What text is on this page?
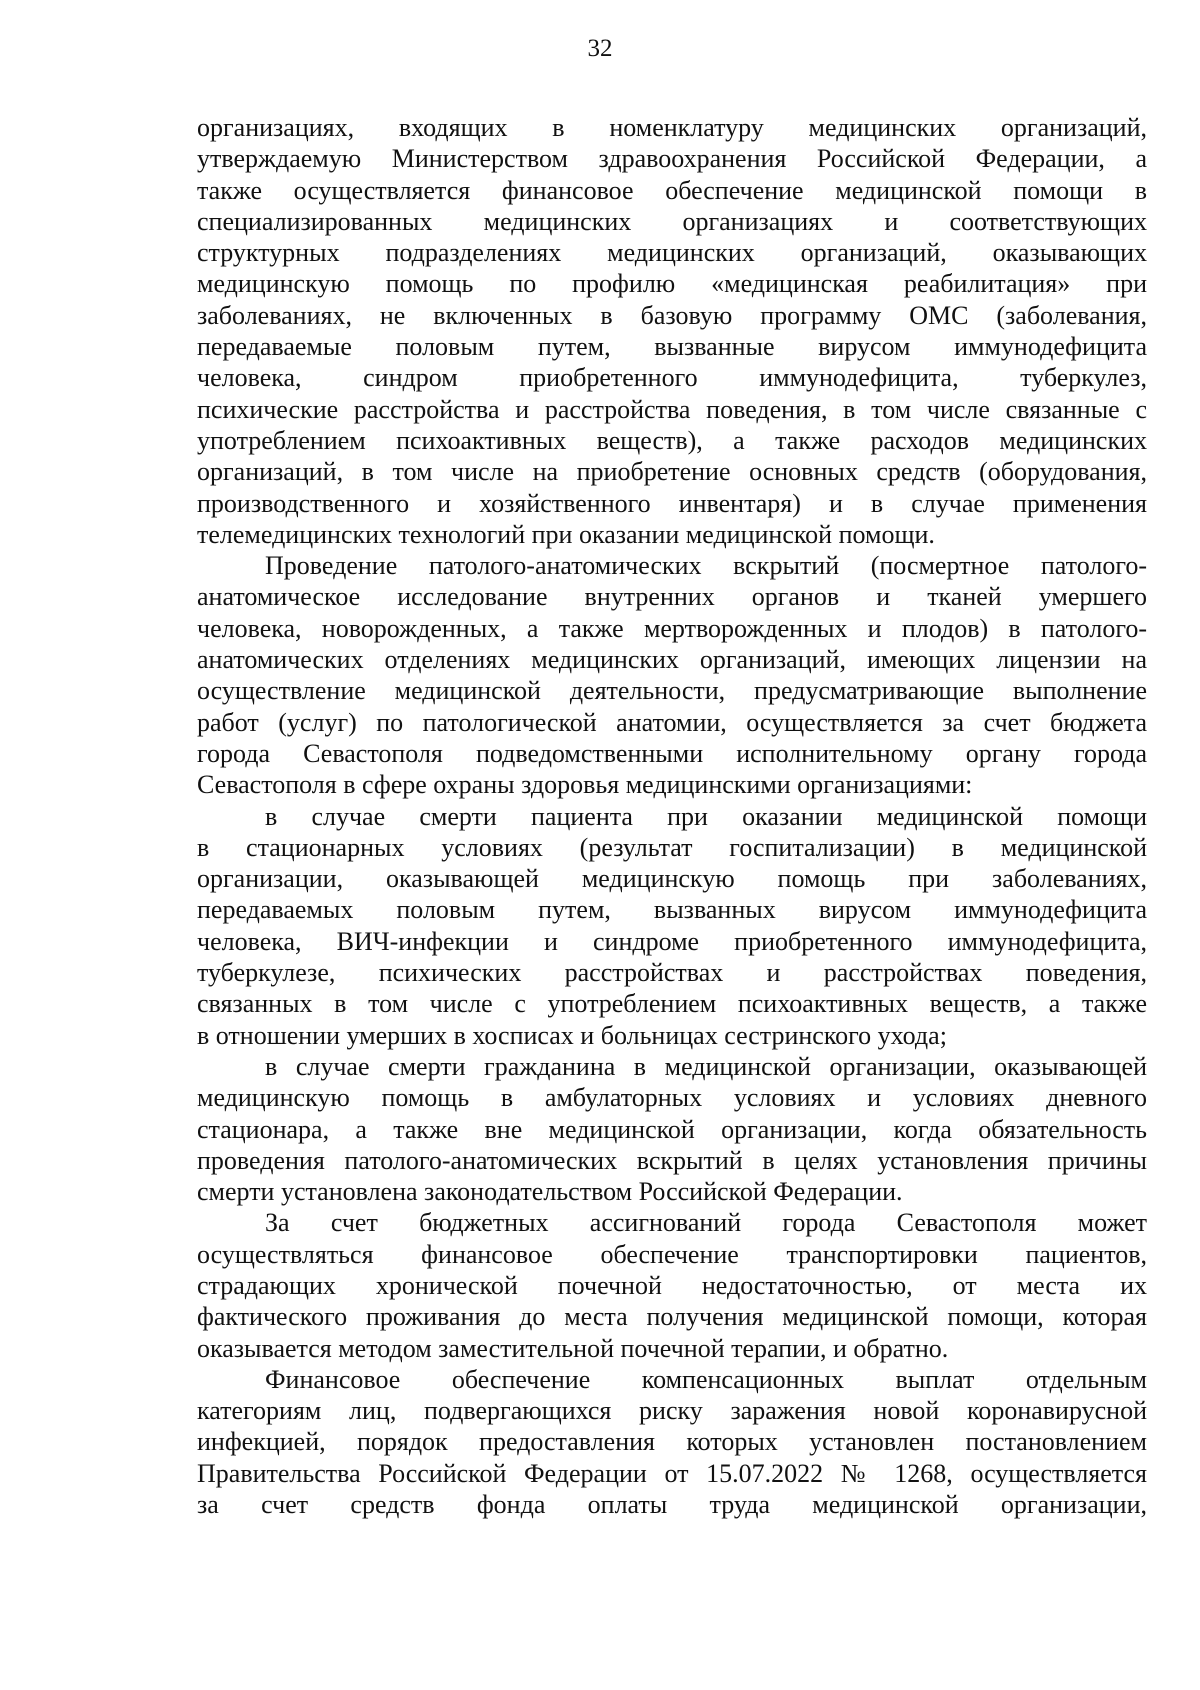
32
организациях, входящих в номенклатуру медицинских организаций,
утверждаемую Министерством здравоохранения Российской Федерации, а
также осуществляется финансовое обеспечение медицинской помощи в
специализированных медицинских организациях и соответствующих
структурных подразделениях медицинских организаций, оказывающих
медицинскую помощь по профилю «медицинская реабилитация» при
заболеваниях, не включенных в базовую программу ОМС (заболевания,
передаваемые половым путем, вызванные вирусом иммунодефицита
человека, синдром приобретенного иммунодефицита, туберкулез,
психические расстройства и расстройства поведения, в том числе связанные с
употреблением психоактивных веществ), а также расходов медицинских
организаций, в том числе на приобретение основных средств (оборудования,
производственного и хозяйственного инвентаря) и в случае применения
телемедицинских технологий при оказании медицинской помощи.
Проведение патолого-анатомических вскрытий (посмертное патолого-
анатомическое исследование внутренних органов и тканей умершего
человека, новорожденных, а также мертворожденных и плодов) в патолого-
анатомических отделениях медицинских организаций, имеющих лицензии на
осуществление медицинской деятельности, предусматривающие выполнение
работ (услуг) по патологической анатомии, осуществляется за счет бюджета
города Севастополя подведомственными исполнительному органу города
Севастополя в сфере охраны здоровья медицинскими организациями:
в случае смерти пациента при оказании медицинской помощи
в стационарных условиях (результат госпитализации) в медицинской
организации, оказывающей медицинскую помощь при заболеваниях,
передаваемых половым путем, вызванных вирусом иммунодефицита
человека, ВИЧ-инфекции и синдроме приобретенного иммунодефицита,
туберкулезе, психических расстройствах и расстройствах поведения,
связанных в том числе с употреблением психоактивных веществ, а также
в отношении умерших в хосписах и больницах сестринского ухода;
в случае смерти гражданина в медицинской организации, оказывающей
медицинскую помощь в амбулаторных условиях и условиях дневного
стационара, а также вне медицинской организации, когда обязательность
проведения патолого-анатомических вскрытий в целях установления причины
смерти установлена законодательством Российской Федерации.
За счет бюджетных ассигнований города Севастополя может
осуществляться финансовое обеспечение транспортировки пациентов,
страдающих хронической почечной недостаточностью, от места их
фактического проживания до места получения медицинской помощи, которая
оказывается методом заместительной почечной терапии, и обратно.
Финансовое обеспечение компенсационных выплат отдельным
категориям лиц, подвергающихся риску заражения новой коронавирусной
инфекцией, порядок предоставления которых установлен постановлением
Правительства Российской Федерации от 15.07.2022 № 1268, осуществляется
за счет средств фонда оплаты труда медицинской организации,
